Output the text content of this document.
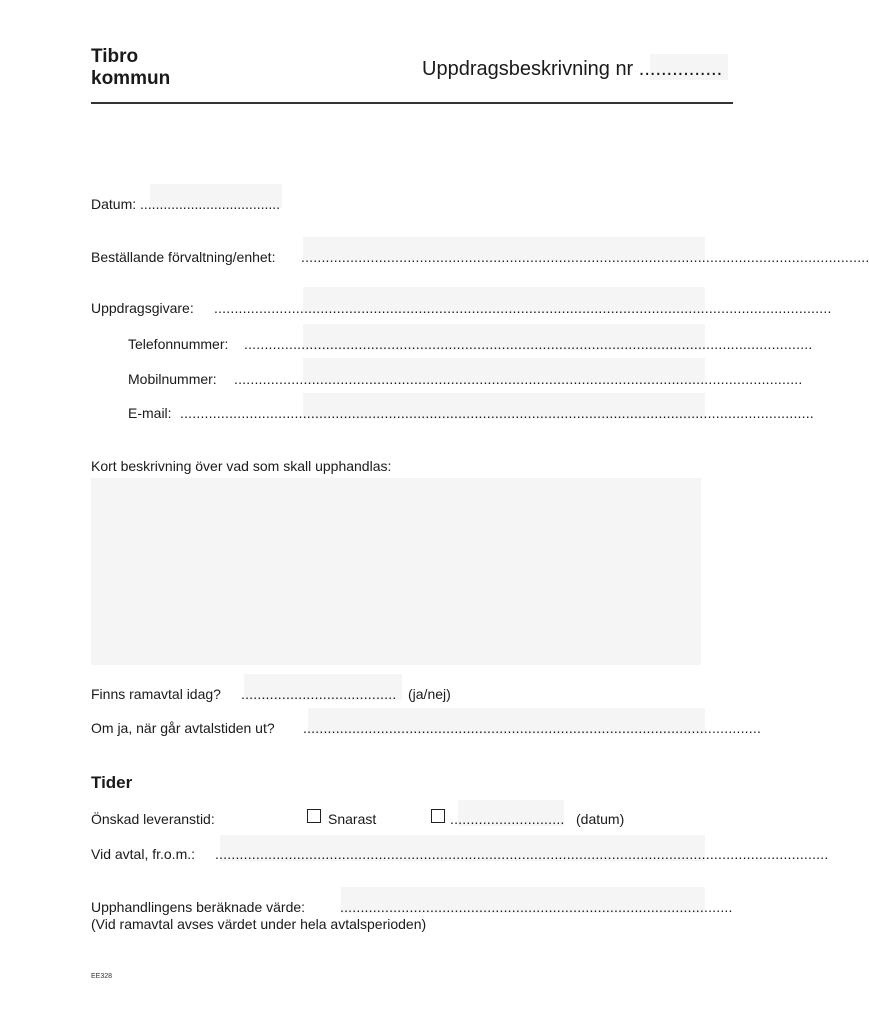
Tibro
kommun	Uppdragsbeskrivning nr ...............
Datum: ....................................
Beställande förvaltning/enhet: ...........................................................................................................................................
Uppdragsgivare: .......................................................................................................................................................
Telefonnummer: ...........................................................................................................................................
Mobilnummer: ...........................................................................................................................................
E-mail: ...........................................................................................................................................................
Kort beskrivning över vad som skall upphandlas:
Finns ramavtal idag? ...................................... (ja/nej)
Om ja, när går avtalstiden ut? ................................................................................................................
Tider
Önskad leveranstid:	Snarast	............................ (datum)
Vid avtal, fr.o.m.: ......................................................................................................................................................
Upphandlingens beräknade värde: ................................................................................................
(Vid ramavtal avses värdet under hela avtalsperioden)
EE328
